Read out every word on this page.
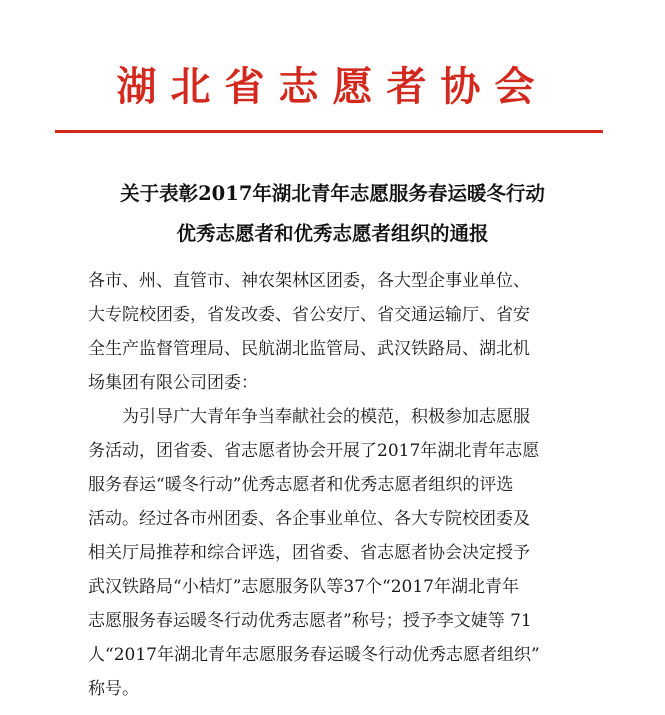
湖北省志愿者协会
关于表彰2017年湖北青年志愿服务春运暖冬行动
优秀志愿者和优秀志愿者组织的通报
各市、州、直管市、神农架林区团委，各大型企事业单位、
大专院校团委，省发改委、省公安厅、省交通运输厅、省安
全生产监督管理局、民航湖北监管局、武汉铁路局、湖北机
场集团有限公司团委：
为引导广大青年争当奉献社会的模范，积极参加志愿服
务活动，团省委、省志愿者协会开展了2017年湖北青年志愿
服务春运“暖冬行动”优秀志愿者和优秀志愿者组织的评选
活动。经过各市州团委、各企事业单位、各大专院校团委及
相关厅局推荐和综合评选，团省委、省志愿者协会决定授予
武汉铁路局“小桔灯”志愿服务队等37个“2017年湖北青年
志愿服务春运暖冬行动优秀志愿者”称号；授予李文婕等 71
人“2017年湖北青年志愿服务春运暖冬行动优秀志愿者组织”
称号。
